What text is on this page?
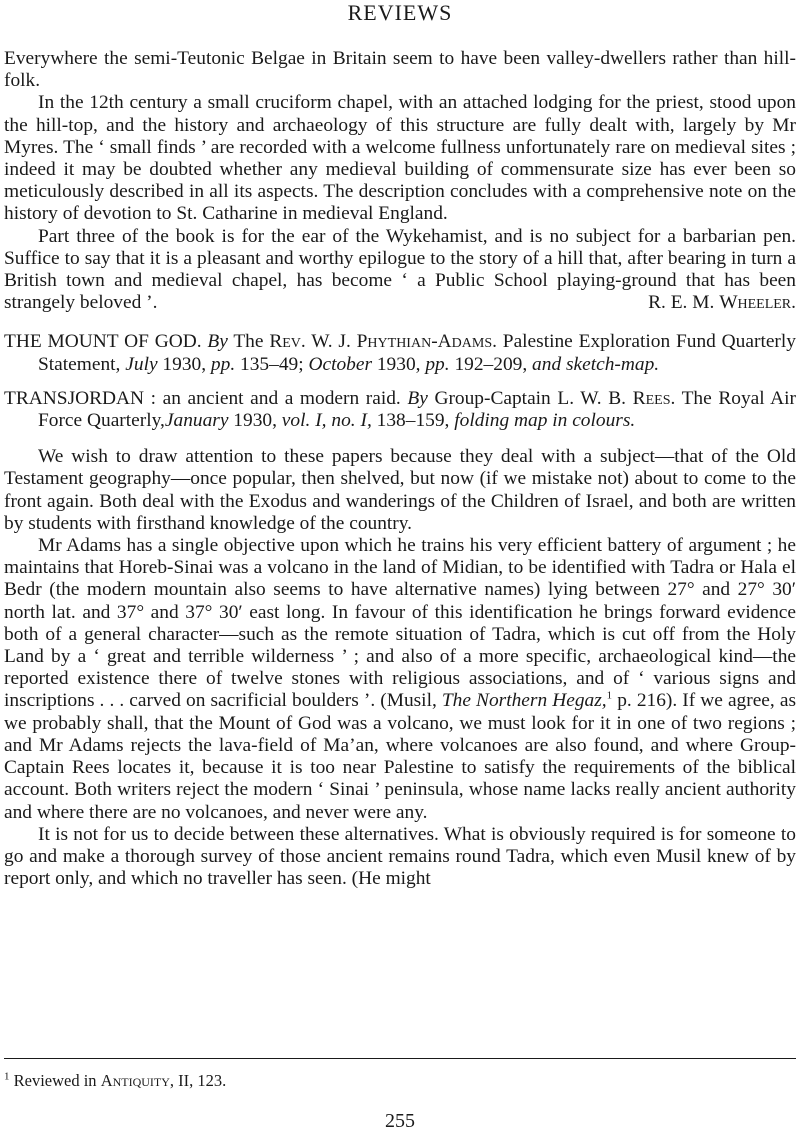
REVIEWS

Everywhere the semi-Teutonic Belgae in Britain seem to have been valley-dwellers rather than hill-folk.

In the 12th century a small cruciform chapel, with an attached lodging for the priest, stood upon the hill-top, and the history and archaeology of this structure are fully dealt with, largely by Mr Myres. The ‘ small finds ’ are recorded with a welcome fullness unfortunately rare on medieval sites ; indeed it may be doubted whether any medieval building of commensurate size has ever been so meticulously described in all its aspects. The description concludes with a comprehensive note on the history of devotion to St. Catharine in medieval England.

Part three of the book is for the ear of the Wykehamist, and is no subject for a barbarian pen. Suffice to say that it is a pleasant and worthy epilogue to the story of a hill that, after bearing in turn a British town and medieval chapel, has become ‘ a Public School playing-ground that has been strangely beloved ’.	R. E. M. Wheeler.

THE MOUNT OF GOD. By The Rev. W. J. Phythian-Adams. Palestine Exploration Fund Quarterly Statement, July 1930, pp. 135–49; October 1930, pp. 192–209, and sketch-map.

TRANSJORDAN : an ancient and a modern raid. By Group-Captain L. W. B. Rees. The Royal Air Force Quarterly,January 1930, vol. I, no. I, 138–159, folding map in colours.

We wish to draw attention to these papers because they deal with a subject—that of the Old Testament geography—once popular, then shelved, but now (if we mistake not) about to come to the front again. Both deal with the Exodus and wanderings of the Children of Israel, and both are written by students with firsthand knowledge of the country.

Mr Adams has a single objective upon which he trains his very efficient battery of argument ; he maintains that Horeb-Sinai was a volcano in the land of Midian, to be identified with Tadra or Hala el Bedr (the modern mountain also seems to have alternative names) lying between 27° and 27° 30′ north lat. and 37° and 37° 30′ east long. In favour of this identification he brings forward evidence both of a general character—such as the remote situation of Tadra, which is cut off from the Holy Land by a ‘ great and terrible wilderness ’ ; and also of a more specific, archaeological kind—the reported existence there of twelve stones with religious associations, and of ‘ various signs and inscriptions . . . carved on sacrificial boulders ’. (Musil, The Northern Hegaz,$^1$ p. 216). If we agree, as we probably shall, that the Mount of God was a volcano, we must look for it in one of two regions ; and Mr Adams rejects the lava-field of Ma’an, where volcanoes are also found, and where Group-Captain Rees locates it, because it is too near Palestine to satisfy the requirements of the biblical account. Both writers reject the modern ‘ Sinai ’ peninsula, whose name lacks really ancient authority and where there are no volcanoes, and never were any.

It is not for us to decide between these alternatives. What is obviously required is for someone to go and make a thorough survey of those ancient remains round Tadra, which even Musil knew of by report only, and which no traveller has seen. (He might

$^1$ Reviewed in Antiquity, II, 123.
255
